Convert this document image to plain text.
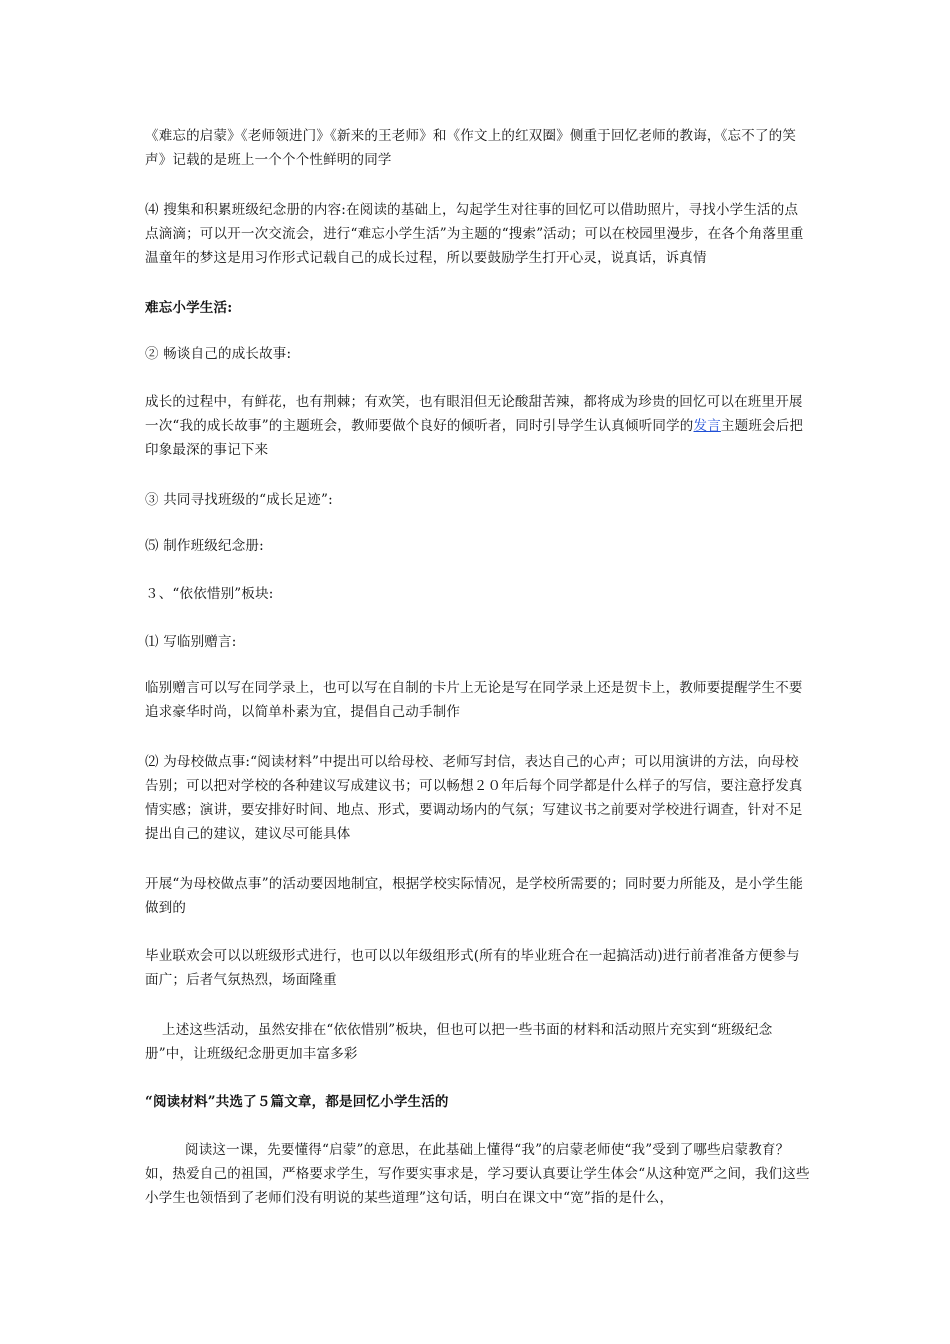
《难忘的启蒙》《老师领进门》《新来的王老师》和《作文上的红双圈》侧重于回忆老师的教诲，《忘不了的笑声》记载的是班上一个个个性鲜明的同学

⑷ 搜集和积累班级纪念册的内容:在阅读的基础上，勾起学生对往事的回忆可以借助照片，寻找小学生活的点点滴滴；可以开一次交流会，进行“难忘小学生活”为主题的“搜索”活动；可以在校园里漫步，在各个角落里重温童年的梦这是用习作形式记载自己的成长过程，所以要鼓励学生打开心灵，说真话，诉真情

难忘小学生活:

② 畅谈自己的成长故事:

成长的过程中，有鲜花，也有荆棘；有欢笑，也有眼泪但无论酸甜苦辣，都将成为珍贵的回忆可以在班里开展一次“我的成长故事”的主题班会，教师要做个良好的倾听者，同时引导学生认真倾听同学的发言主题班会后把印象最深的事记下来

③ 共同寻找班级的“成长足迹”:

⑸ 制作班级纪念册:

３、“依依惜别”板块:

⑴ 写临别赠言:

临别赠言可以写在同学录上，也可以写在自制的卡片上无论是写在同学录上还是贺卡上，教师要提醒学生不要追求豪华时尚，以简单朴素为宜，提倡自己动手制作

⑵ 为母校做点事:“阅读材料”中提出可以给母校、老师写封信，表达自己的心声；可以用演讲的方法，向母校告别；可以把对学校的各种建议写成建议书；可以畅想２０年后每个同学都是什么样子的写信，要注意抒发真情实感；演讲，要安排好时间、地点、形式，要调动场内的气氛；写建议书之前要对学校进行调查，针对不足提出自己的建议，建议尽可能具体

开展“为母校做点事”的活动要因地制宜，根据学校实际情况，是学校所需要的；同时要力所能及，是小学生能做到的

毕业联欢会可以以班级形式进行，也可以以年级组形式(所有的毕业班合在一起搞活动)进行前者准备方便参与面广；后者气氛热烈，场面隆重

上述这些活动，虽然安排在“依依惜别”板块，但也可以把一些书面的材料和活动照片充实到“班级纪念册”中，让班级纪念册更加丰富多彩

“阅读材料”共选了５篇文章，都是回忆小学生活的

阅读这一课，先要懂得“启蒙”的意思，在此基础上懂得“我”的启蒙老师使“我”受到了哪些启蒙教育？如，热爱自己的祖国，严格要求学生，写作要实事求是，学习要认真要让学生体会“从这种宽严之间，我们这些小学生也领悟到了老师们没有明说的某些道理”这句话，明白在课文中“宽”指的是什么，
